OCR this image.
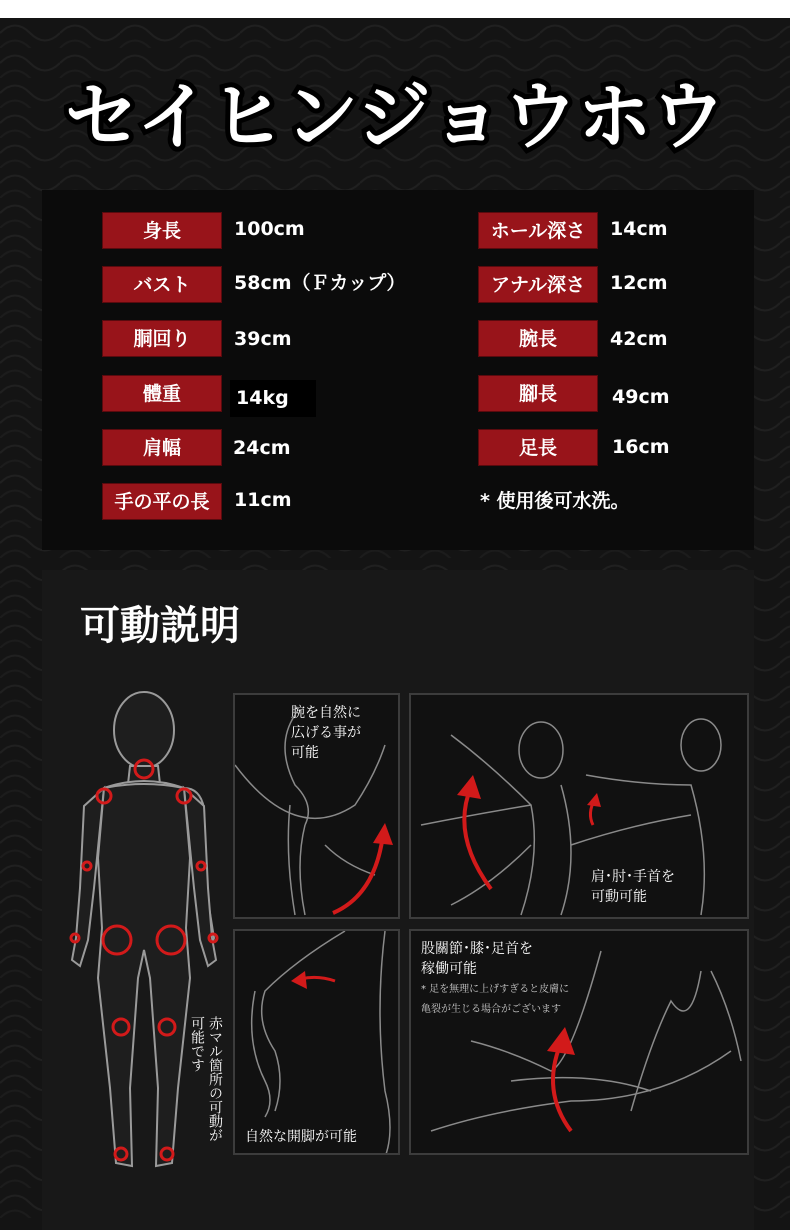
セイヒンジョウホウ
身長	100cm
バスト	58cm（Ｆカップ）
胴回り	39cm
體重	14kg
肩幅	24cm
手の平の長	11cm
ホール深さ	14cm
アナル深さ	12cm
腕長	42cm
腳長	49cm
足長	16cm
* 使用後可水洗。
可動説明
赤マル箇所の可動が可能です
腕を自然に
広げる事が
可能
肩･肘･手首を
可動可能
自然な開脚が可能
股關節･膝･足首を
稼働可能
* 足を無理に上げすぎると皮膚に
亀裂が生じる場合がございます
